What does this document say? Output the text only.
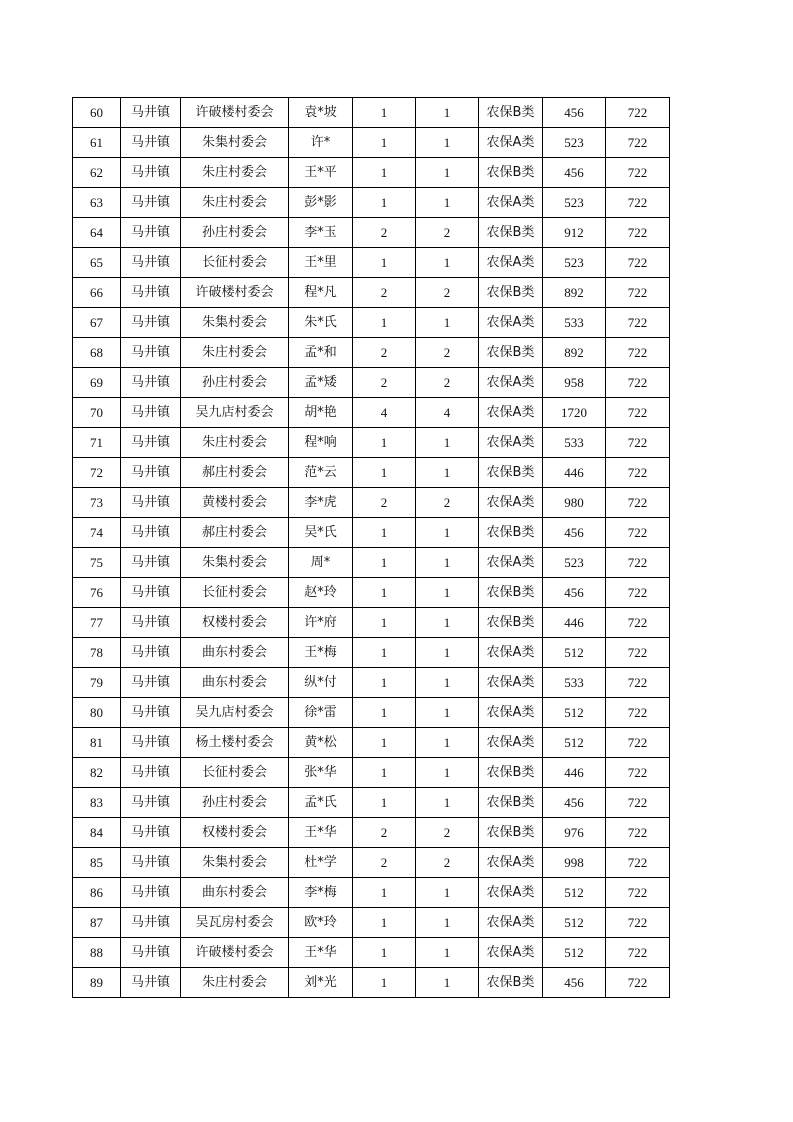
60	马井镇	许破楼村委会	袁*坡	1	1	农保B类	456	722
61	马井镇	朱集村委会	许*	1	1	农保A类	523	722
62	马井镇	朱庄村委会	王*平	1	1	农保B类	456	722
63	马井镇	朱庄村委会	彭*影	1	1	农保A类	523	722
64	马井镇	孙庄村委会	李*玉	2	2	农保B类	912	722
65	马井镇	长征村委会	王*里	1	1	农保A类	523	722
66	马井镇	许破楼村委会	程*凡	2	2	农保B类	892	722
67	马井镇	朱集村委会	朱*氏	1	1	农保A类	533	722
68	马井镇	朱庄村委会	孟*和	2	2	农保B类	892	722
69	马井镇	孙庄村委会	孟*矮	2	2	农保A类	958	722
70	马井镇	吴九店村委会	胡*艳	4	4	农保A类	1720	722
71	马井镇	朱庄村委会	程*响	1	1	农保A类	533	722
72	马井镇	郝庄村委会	范*云	1	1	农保B类	446	722
73	马井镇	黄楼村委会	李*虎	2	2	农保A类	980	722
74	马井镇	郝庄村委会	吴*氏	1	1	农保B类	456	722
75	马井镇	朱集村委会	周*	1	1	农保A类	523	722
76	马井镇	长征村委会	赵*玲	1	1	农保B类	456	722
77	马井镇	权楼村委会	许*府	1	1	农保B类	446	722
78	马井镇	曲东村委会	王*梅	1	1	农保A类	512	722
79	马井镇	曲东村委会	纵*付	1	1	农保A类	533	722
80	马井镇	吴九店村委会	徐*雷	1	1	农保A类	512	722
81	马井镇	杨土楼村委会	黄*松	1	1	农保A类	512	722
82	马井镇	长征村委会	张*华	1	1	农保B类	446	722
83	马井镇	孙庄村委会	孟*氏	1	1	农保B类	456	722
84	马井镇	权楼村委会	王*华	2	2	农保B类	976	722
85	马井镇	朱集村委会	杜*学	2	2	农保A类	998	722
86	马井镇	曲东村委会	李*梅	1	1	农保A类	512	722
87	马井镇	吴瓦房村委会	欧*玲	1	1	农保A类	512	722
88	马井镇	许破楼村委会	王*华	1	1	农保A类	512	722
89	马井镇	朱庄村委会	刘*光	1	1	农保B类	456	722
